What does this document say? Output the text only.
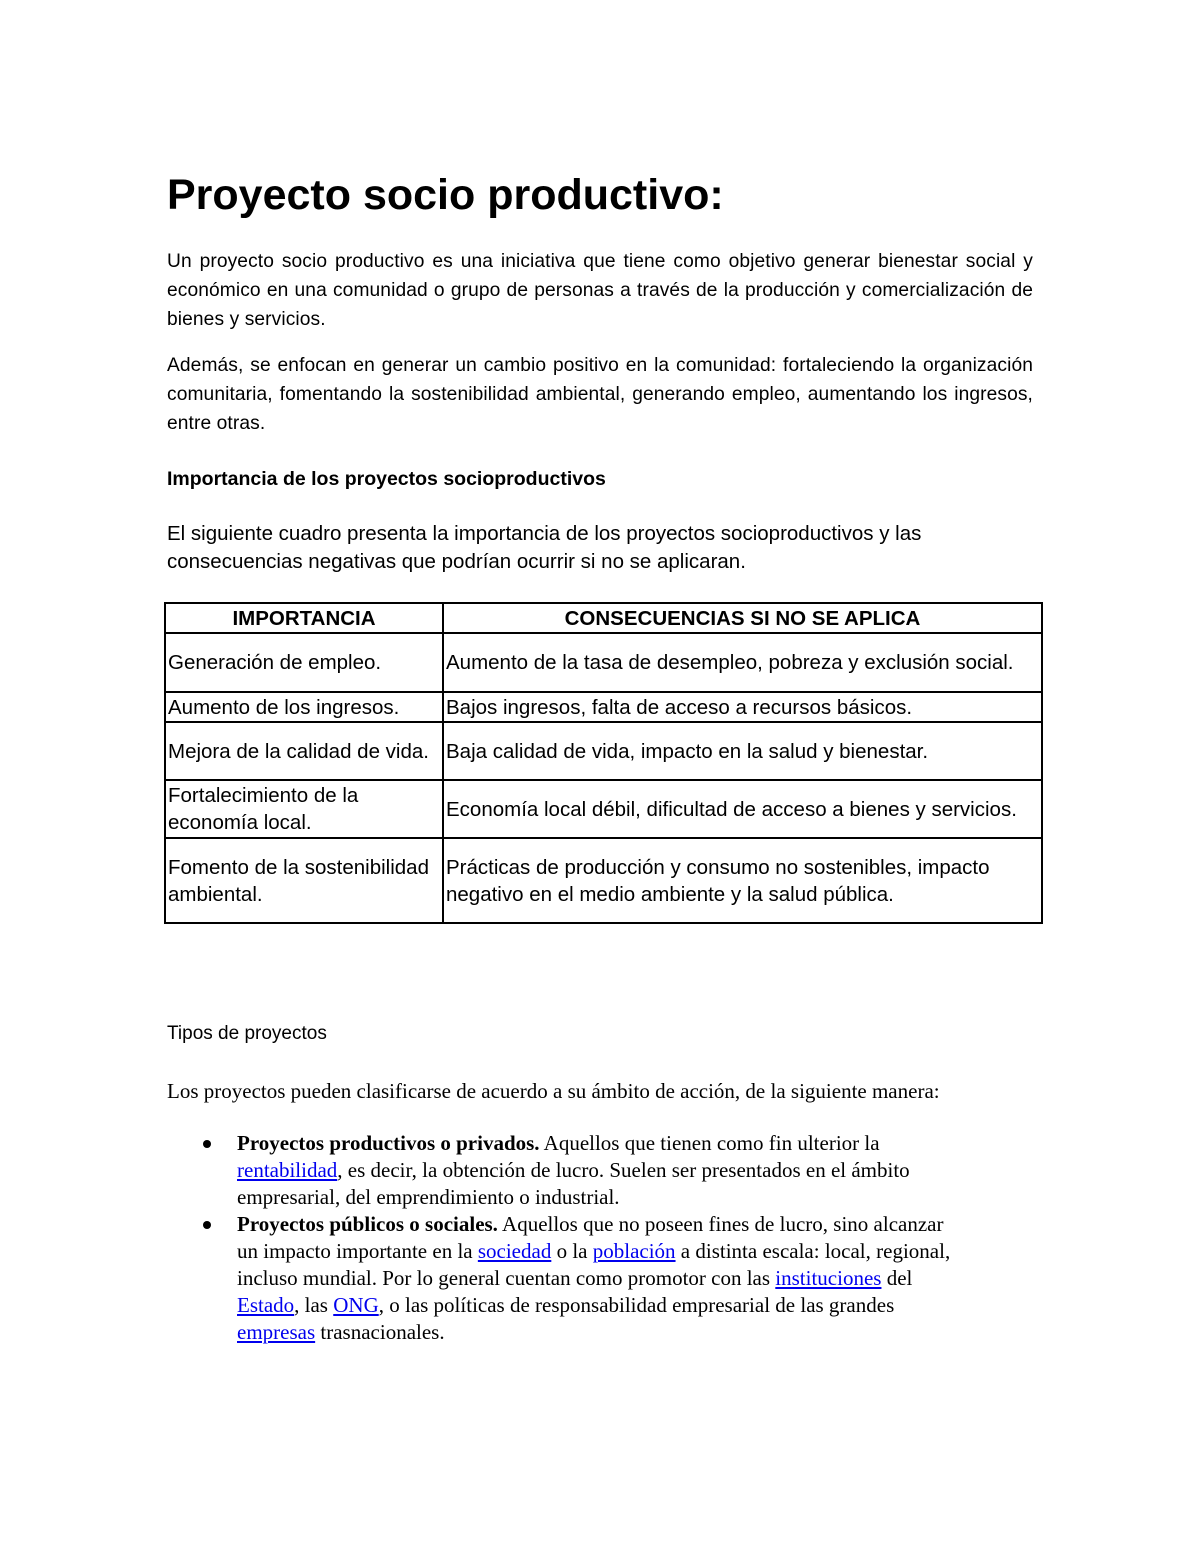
Proyecto socio productivo:

Un proyecto socio productivo es una iniciativa que tiene como objetivo generar bienestar social y económico en una comunidad o grupo de personas a través de la producción y comercialización de bienes y servicios.

Además, se enfocan en generar un cambio positivo en la comunidad: fortaleciendo la organización comunitaria, fomentando la sostenibilidad ambiental, generando empleo, aumentando los ingresos, entre otras.

Importancia de los proyectos socioproductivos

El siguiente cuadro presenta la importancia de los proyectos socioproductivos y las consecuencias negativas que podrían ocurrir si no se aplicaran.

IMPORTANCIA	CONSECUENCIAS SI NO SE APLICA
Generación de empleo.	Aumento de la tasa de desempleo, pobreza y exclusión social.
Aumento de los ingresos.	Bajos ingresos, falta de acceso a recursos básicos.
Mejora de la calidad de vida.	Baja calidad de vida, impacto en la salud y bienestar.
Fortalecimiento de la economía local.	Economía local débil, dificultad de acceso a bienes y servicios.
Fomento de la sostenibilidad ambiental.	Prácticas de producción y consumo no sostenibles, impacto negativo en el medio ambiente y la salud pública.

Tipos de proyectos

Los proyectos pueden clasificarse de acuerdo a su ámbito de acción, de la siguiente manera:

Proyectos productivos o privados. Aquellos que tienen como fin ulterior la rentabilidad, es decir, la obtención de lucro. Suelen ser presentados en el ámbito empresarial, del emprendimiento o industrial.
Proyectos públicos o sociales. Aquellos que no poseen fines de lucro, sino alcanzar un impacto importante en la sociedad o la población a distinta escala: local, regional, incluso mundial. Por lo general cuentan como promotor con las instituciones del Estado, las ONG, o las políticas de responsabilidad empresarial de las grandes empresas trasnacionales.
